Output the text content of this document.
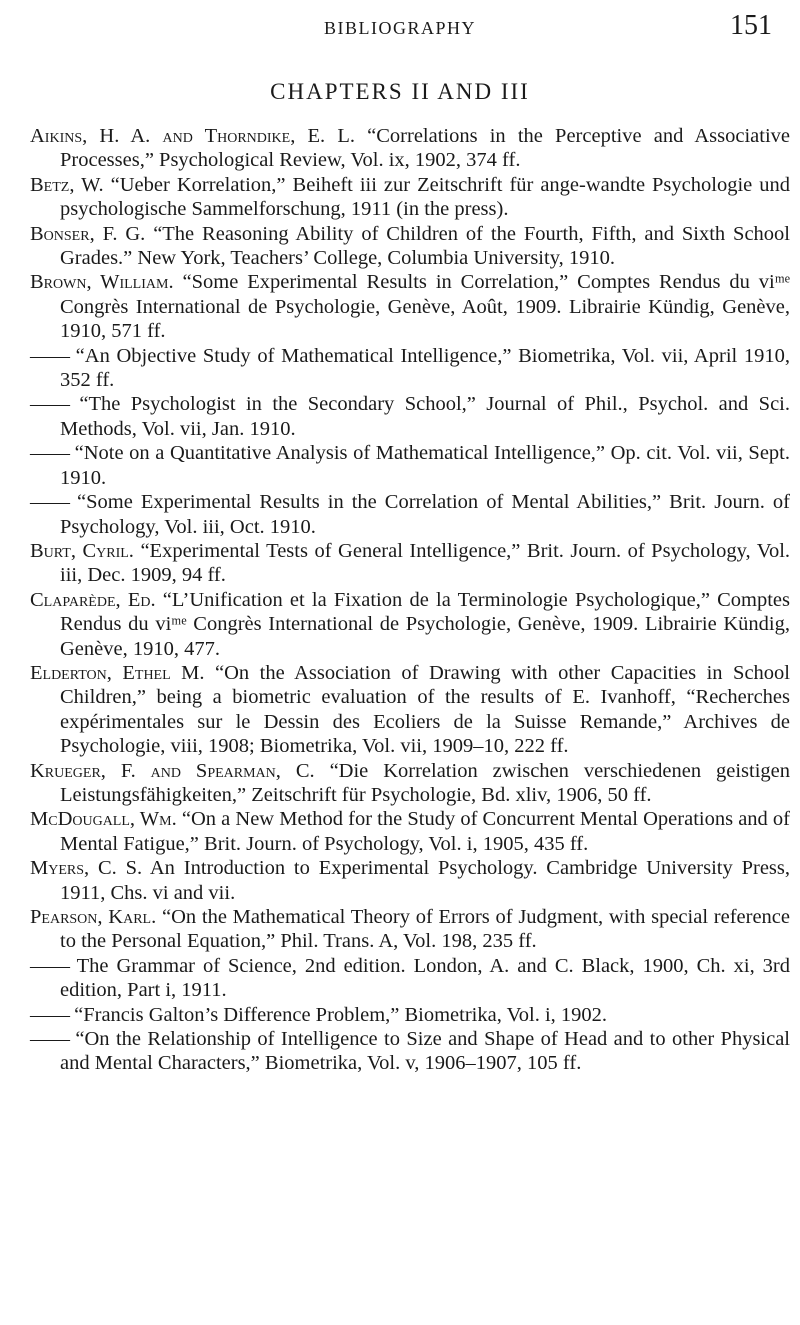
BIBLIOGRAPHY	151
CHAPTERS II AND III

Aikins, H. A. and Thorndike, E. L. “Correlations in the Perceptive and Associative Processes,” Psychological Review, Vol. ix, 1902, 374 ff.

Betz, W. “Ueber Korrelation,” Beiheft iii zur Zeitschrift für ange-wandte Psychologie und psychologische Sammelforschung, 1911 (in the press).

Bonser, F. G. “The Reasoning Ability of Children of the Fourth, Fifth, and Sixth School Grades.” New York, Teachers’ College, Columbia University, 1910.

Brown, William. “Some Experimental Results in Correlation,” Comptes Rendus du viᵐᵉ Congrès International de Psychologie, Genève, Août, 1909. Librairie Kündig, Genève, 1910, 571 ff.

—— “An Objective Study of Mathematical Intelligence,” Biometrika, Vol. vii, April 1910, 352 ff.

—— “The Psychologist in the Secondary School,” Journal of Phil., Psychol. and Sci. Methods, Vol. vii, Jan. 1910.

—— “Note on a Quantitative Analysis of Mathematical Intelligence,” Op. cit. Vol. vii, Sept. 1910.

—— “Some Experimental Results in the Correlation of Mental Abilities,” Brit. Journ. of Psychology, Vol. iii, Oct. 1910.

Burt, Cyril. “Experimental Tests of General Intelligence,” Brit. Journ. of Psychology, Vol. iii, Dec. 1909, 94 ff.

Claparède, Ed. “L’Unification et la Fixation de la Terminologie Psychologique,” Comptes Rendus du viᵐᵉ Congrès International de Psychologie, Genève, 1909. Librairie Kündig, Genève, 1910, 477.

Elderton, Ethel M. “On the Association of Drawing with other Capacities in School Children,” being a biometric evaluation of the results of E. Ivanhoff, “Recherches expérimentales sur le Dessin des Ecoliers de la Suisse Remande,” Archives de Psychologie, viii, 1908; Biometrika, Vol. vii, 1909–10, 222 ff.

Krueger, F. and Spearman, C. “Die Korrelation zwischen verschiedenen geistigen Leistungsfähigkeiten,” Zeitschrift für Psychologie, Bd. xliv, 1906, 50 ff.

McDougall, Wm. “On a New Method for the Study of Concurrent Mental Operations and of Mental Fatigue,” Brit. Journ. of Psychology, Vol. i, 1905, 435 ff.

Myers, C. S. An Introduction to Experimental Psychology. Cambridge University Press, 1911, Chs. vi and vii.

Pearson, Karl. “On the Mathematical Theory of Errors of Judgment, with special reference to the Personal Equation,” Phil. Trans. A, Vol. 198, 235 ff.

—— The Grammar of Science, 2nd edition. London, A. and C. Black, 1900, Ch. xi, 3rd edition, Part i, 1911.

—— “Francis Galton’s Difference Problem,” Biometrika, Vol. i, 1902.

—— “On the Relationship of Intelligence to Size and Shape of Head and to other Physical and Mental Characters,” Biometrika, Vol. v, 1906–1907, 105 ff.
